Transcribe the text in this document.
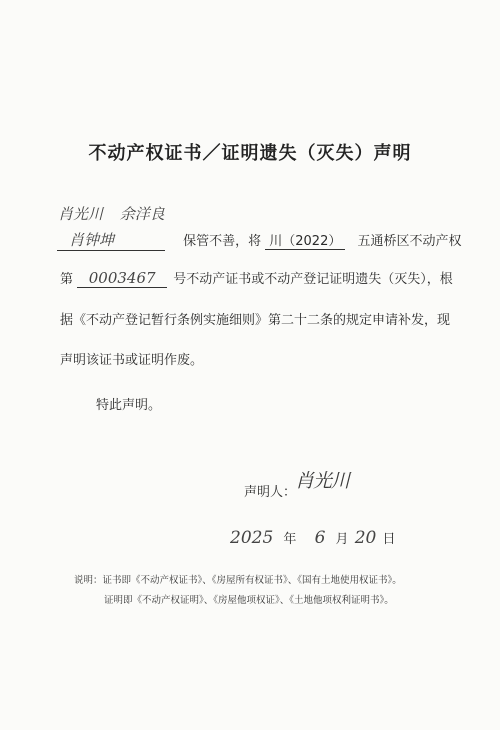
不动产权证书／证明遗失（灭失）声明
肖光川 余洋良
肖钟坤	保管不善，将 川（2022） 五通桥区不动产权
第 0003467 号不动产证书或不动产登记证明遗失（灭失），根
据《不动产登记暂行条例实施细则》第二十二条的规定申请补发，现
声明该证书或证明作废。
特此声明。
声明人：
肖光川
2025 年 6 月 20 日
说明：证书即《不动产权证书》、《房屋所有权证书》、《国有土地使用权证书》。
证明即《不动产权证明》、《房屋他项权证》、《土地他项权利证明书》。
